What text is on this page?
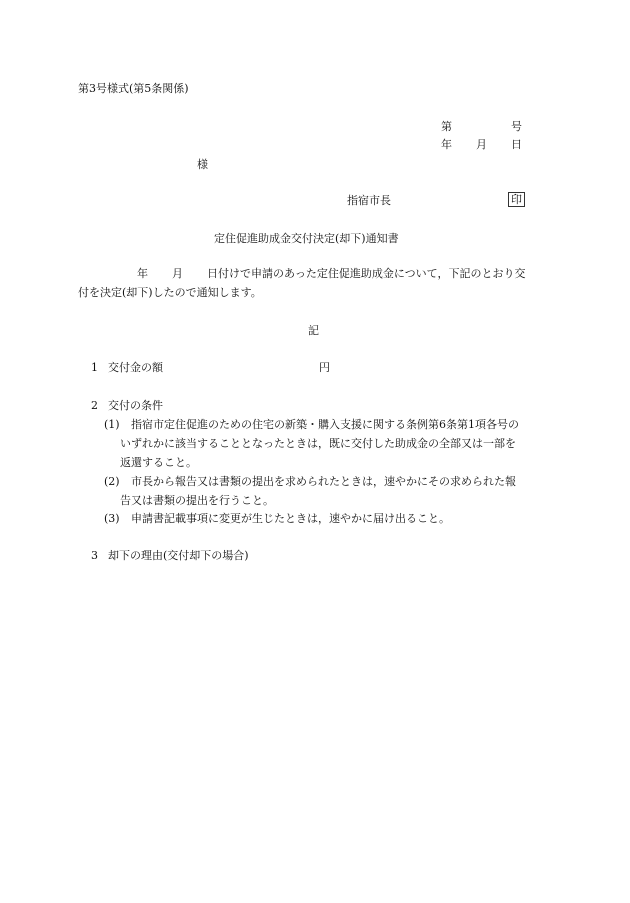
第3号様式(第5条関係)
第	号
年 月 日
様
指宿市長	印
定住促進助成金交付決定(却下)通知書
年 月 日付けで申請のあった定住促進助成金について，下記のとおり交
付を決定(却下)したので通知します。
記
1 交付金の額	円
2 交付の条件
(1) 指宿市定住促進のための住宅の新築・購入支援に関する条例第6条第1項各号の
いずれかに該当することとなったときは，既に交付した助成金の全部又は一部を
返還すること。
(2) 市長から報告又は書類の提出を求められたときは，速やかにその求められた報
告又は書類の提出を行うこと。
(3) 申請書記載事項に変更が生じたときは，速やかに届け出ること。
3 却下の理由(交付却下の場合)
